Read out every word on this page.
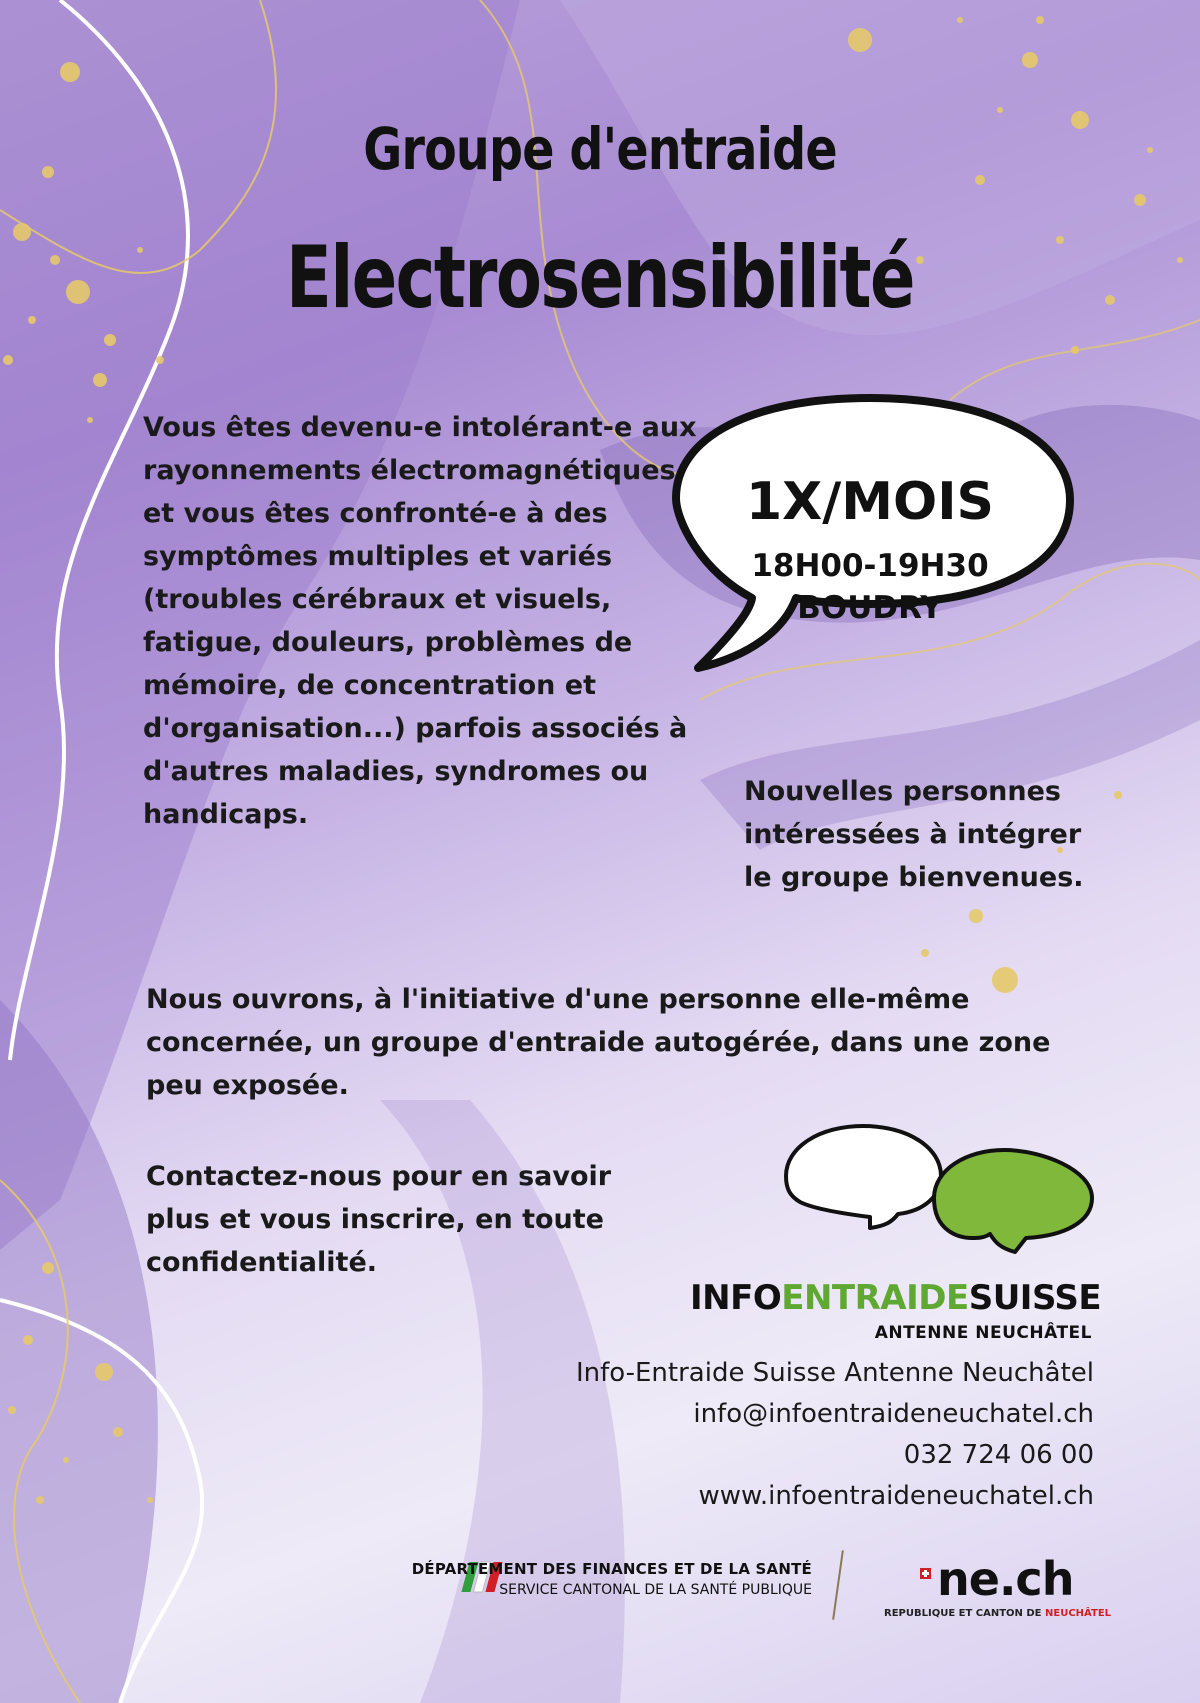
Groupe d'entraide
Electrosensibilité
Vous êtes devenu-e intolérant-e aux rayonnements électromagnétiques et vous êtes confronté-e à des symptômes multiples et variés (troubles cérébraux et visuels, fatigue, douleurs, problèmes de mémoire, de concentration et d'organisation...) parfois associés à d'autres maladies, syndromes ou handicaps.
1X/MOIS
18H00-19H30
BOUDRY
Nouvelles personnes intéressées à intégrer le groupe bienvenues.
Nous ouvrons, à l'initiative d'une personne elle-même concernée, un groupe d'entraide autogérée, dans une zone peu exposée.
Contactez-nous pour en savoir plus et vous inscrire, en toute confidentialité.
INFOENTRAIDESUISSE
ANTENNE NEUCHÂTEL
Info-Entraide Suisse Antenne Neuchâtel
info@infoentraideneuchatel.ch
032 724 06 00
www.infoentraideneuchatel.ch
DÉPARTEMENT DES FINANCES ET DE LA SANTÉ
SERVICE CANTONAL DE LA SANTÉ PUBLIQUE	ne.ch
REPUBLIQUE ET CANTON DE NEUCHÂTEL
